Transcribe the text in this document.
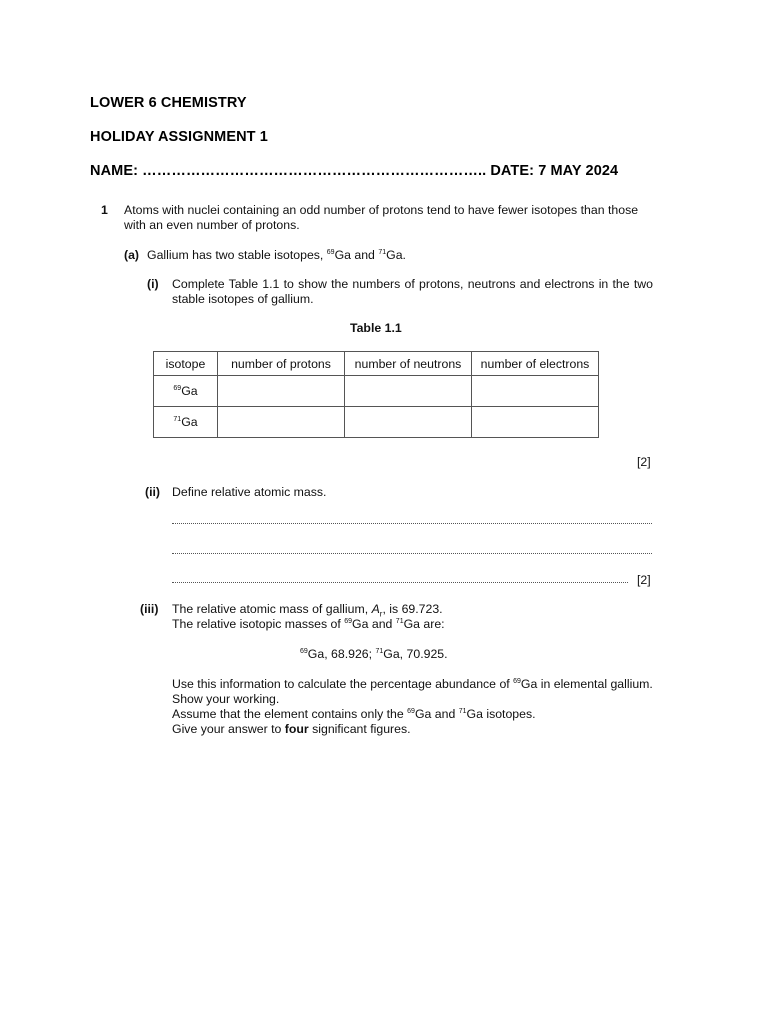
LOWER 6 CHEMISTRY
HOLIDAY ASSIGNMENT 1
NAME: …………………………………………………………….. DATE: 7 MAY 2024
1 Atoms with nuclei containing an odd number of protons tend to have fewer isotopes than those with an even number of protons.
(a) Gallium has two stable isotopes, $^{69}$Ga and $^{71}$Ga.
(i) Complete Table 1.1 to show the numbers of protons, neutrons and electrons in the two stable isotopes of gallium.
Table 1.1
isotope	number of protons	number of neutrons	number of electrons
$^{69}$Ga			
$^{71}$Ga			
[2]
(ii) Define relative atomic mass.
[2]
(iii) The relative atomic mass of gallium, $A_r$, is 69.723.
The relative isotopic masses of $^{69}$Ga and $^{71}$Ga are:
$^{69}$Ga, 68.926; $^{71}$Ga, 70.925.
Use this information to calculate the percentage abundance of $^{69}$Ga in elemental gallium.
Show your working.
Assume that the element contains only the $^{69}$Ga and $^{71}$Ga isotopes.
Give your answer to four significant figures.
